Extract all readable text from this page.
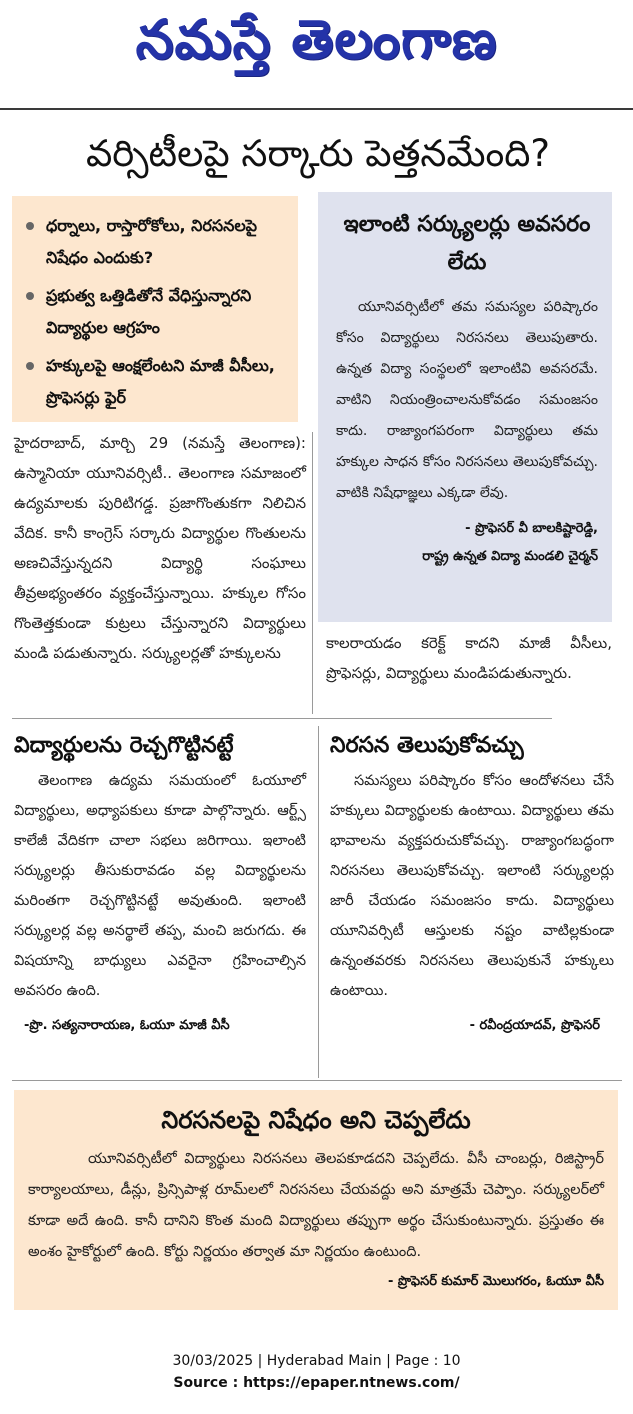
నమస్తే తెలంగాణ
వర్సిటీలపై సర్కారు పెత్తనమేంది?
ధర్నాలు, రాస్తారోకోలు, నిరసనలపై నిషేధం ఎందుకు?
ప్రభుత్వ ఒత్తిడితోనే వేధిస్తున్నారని విద్యార్థుల ఆగ్రహం
హక్కులపై ఆంక్షలేంటని మాజీ వీసీలు, ప్రొఫెసర్లు ఫైర్
ఇలాంటి సర్క్యులర్లు అవసరం లేదు
యూనివర్సిటీలో తమ సమస్యల పరిష్కారం కోసం విద్యార్థులు నిరసనలు తెలుపుతారు. ఉన్నత విద్యా సంస్థలలో ఇలాంటివి అవసరమే. వాటిని నియంత్రించాలనుకోవడం సమంజసం కాదు. రాజ్యాంగపరంగా విద్యార్థులు తమ హక్కుల సాధన కోసం నిరసనలు తెలుపుకోవచ్చు. వాటికి నిషేధాజ్ఞలు ఎక్కడా లేవు.
- ప్రొఫెసర్ వీ బాలకిష్టారెడ్డి,
రాష్ట్ర ఉన్నత విద్యా మండలి చైర్మన్
హైదరాబాద్, మార్చి 29 (నమస్తే తెలంగాణ): ఉస్మానియా యూనివర్సిటీ.. తెలంగాణ సమాజంలో ఉద్యమాలకు పురిటిగడ్డ. ప్రజాగొంతుకగా నిలిచిన వేదిక. కానీ కాంగ్రెస్ సర్కారు విద్యార్థుల గొంతులను అణచివేస్తున్నదని విద్యార్థి సంఘాలు తీవ్రఅభ్యంతరం వ్యక్తంచేస్తున్నాయి. హక్కుల గోసం గొంతెత్తకుండా కుట్రలు చేస్తున్నారని విద్యార్థులు మండి పడుతున్నారు. సర్క్యులర్లతో హక్కులను
కాలరాయడం కరెక్ట్ కాదని మాజీ వీసీలు, ప్రొఫెసర్లు, విద్యార్థులు మండిపడుతున్నారు.
విద్యార్థులను రెచ్చగొట్టినట్టే
తెలంగాణ ఉద్యమ సమయంలో ఓయూలో విద్యార్థులు, అధ్యాపకులు కూడా పాల్గొన్నారు. ఆర్ట్స్ కాలేజీ వేదికగా చాలా సభలు జరిగాయి. ఇలాంటి సర్క్యులర్లు తీసుకురావడం వల్ల విద్యార్థులను మరింతగా రెచ్చగొట్టినట్టే అవుతుంది. ఇలాంటి సర్క్యులర్ల వల్ల అనర్థాలే తప్ప, మంచి జరుగదు. ఈ విషయాన్ని బాధ్యులు ఎవరైనా గ్రహించాల్సిన అవసరం ఉంది.
-ప్రొ. సత్యనారాయణ, ఓయూ మాజీ వీసీ
నిరసన తెలుపుకోవచ్చు
సమస్యలు పరిష్కారం కోసం ఆందోళనలు చేసే హక్కులు విద్యార్థులకు ఉంటాయి. విద్యార్థులు తమ భావాలను వ్యక్తపరుచుకోవచ్చు. రాజ్యాంగబద్ధంగా నిరసనలు తెలుపుకోవచ్చు. ఇలాంటి సర్క్యులర్లు జారీ చేయడం సమంజసం కాదు. విద్యార్థులు యూనివర్సిటీ ఆస్తులకు నష్టం వాటిల్లకుండా ఉన్నంతవరకు నిరసనలు తెలుపుకునే హక్కులు ఉంటాయి.
- రవీంద్రయాదవ్, ప్రొఫెసర్
నిరసనలపై నిషేధం అని చెప్పలేదు
యూనివర్సిటీలో విద్యార్థులు నిరసనలు తెలపకూడదని చెప్పలేదు. వీసీ చాంబర్లు, రిజిస్ట్రార్ కార్యాలయాలు, డీన్లు, ప్రిన్సిపాళ్ల రూమ్‌లలో నిరసనలు చేయవద్దు అని మాత్రమే చెప్పాం. సర్క్యులర్‌లో కూడా అదే ఉంది. కానీ దానిని కొంత మంది విద్యార్థులు తప్పుగా అర్థం చేసుకుంటున్నారు. ప్రస్తుతం ఈ అంశం హైకోర్టులో ఉంది. కోర్టు నిర్ణయం తర్వాత మా నిర్ణయం ఉంటుంది.
- ప్రొఫెసర్ కుమార్ మొలుగరం, ఓయూ వీసీ
30/03/2025 | Hyderabad Main | Page : 10
Source : https://epaper.ntnews.com/
